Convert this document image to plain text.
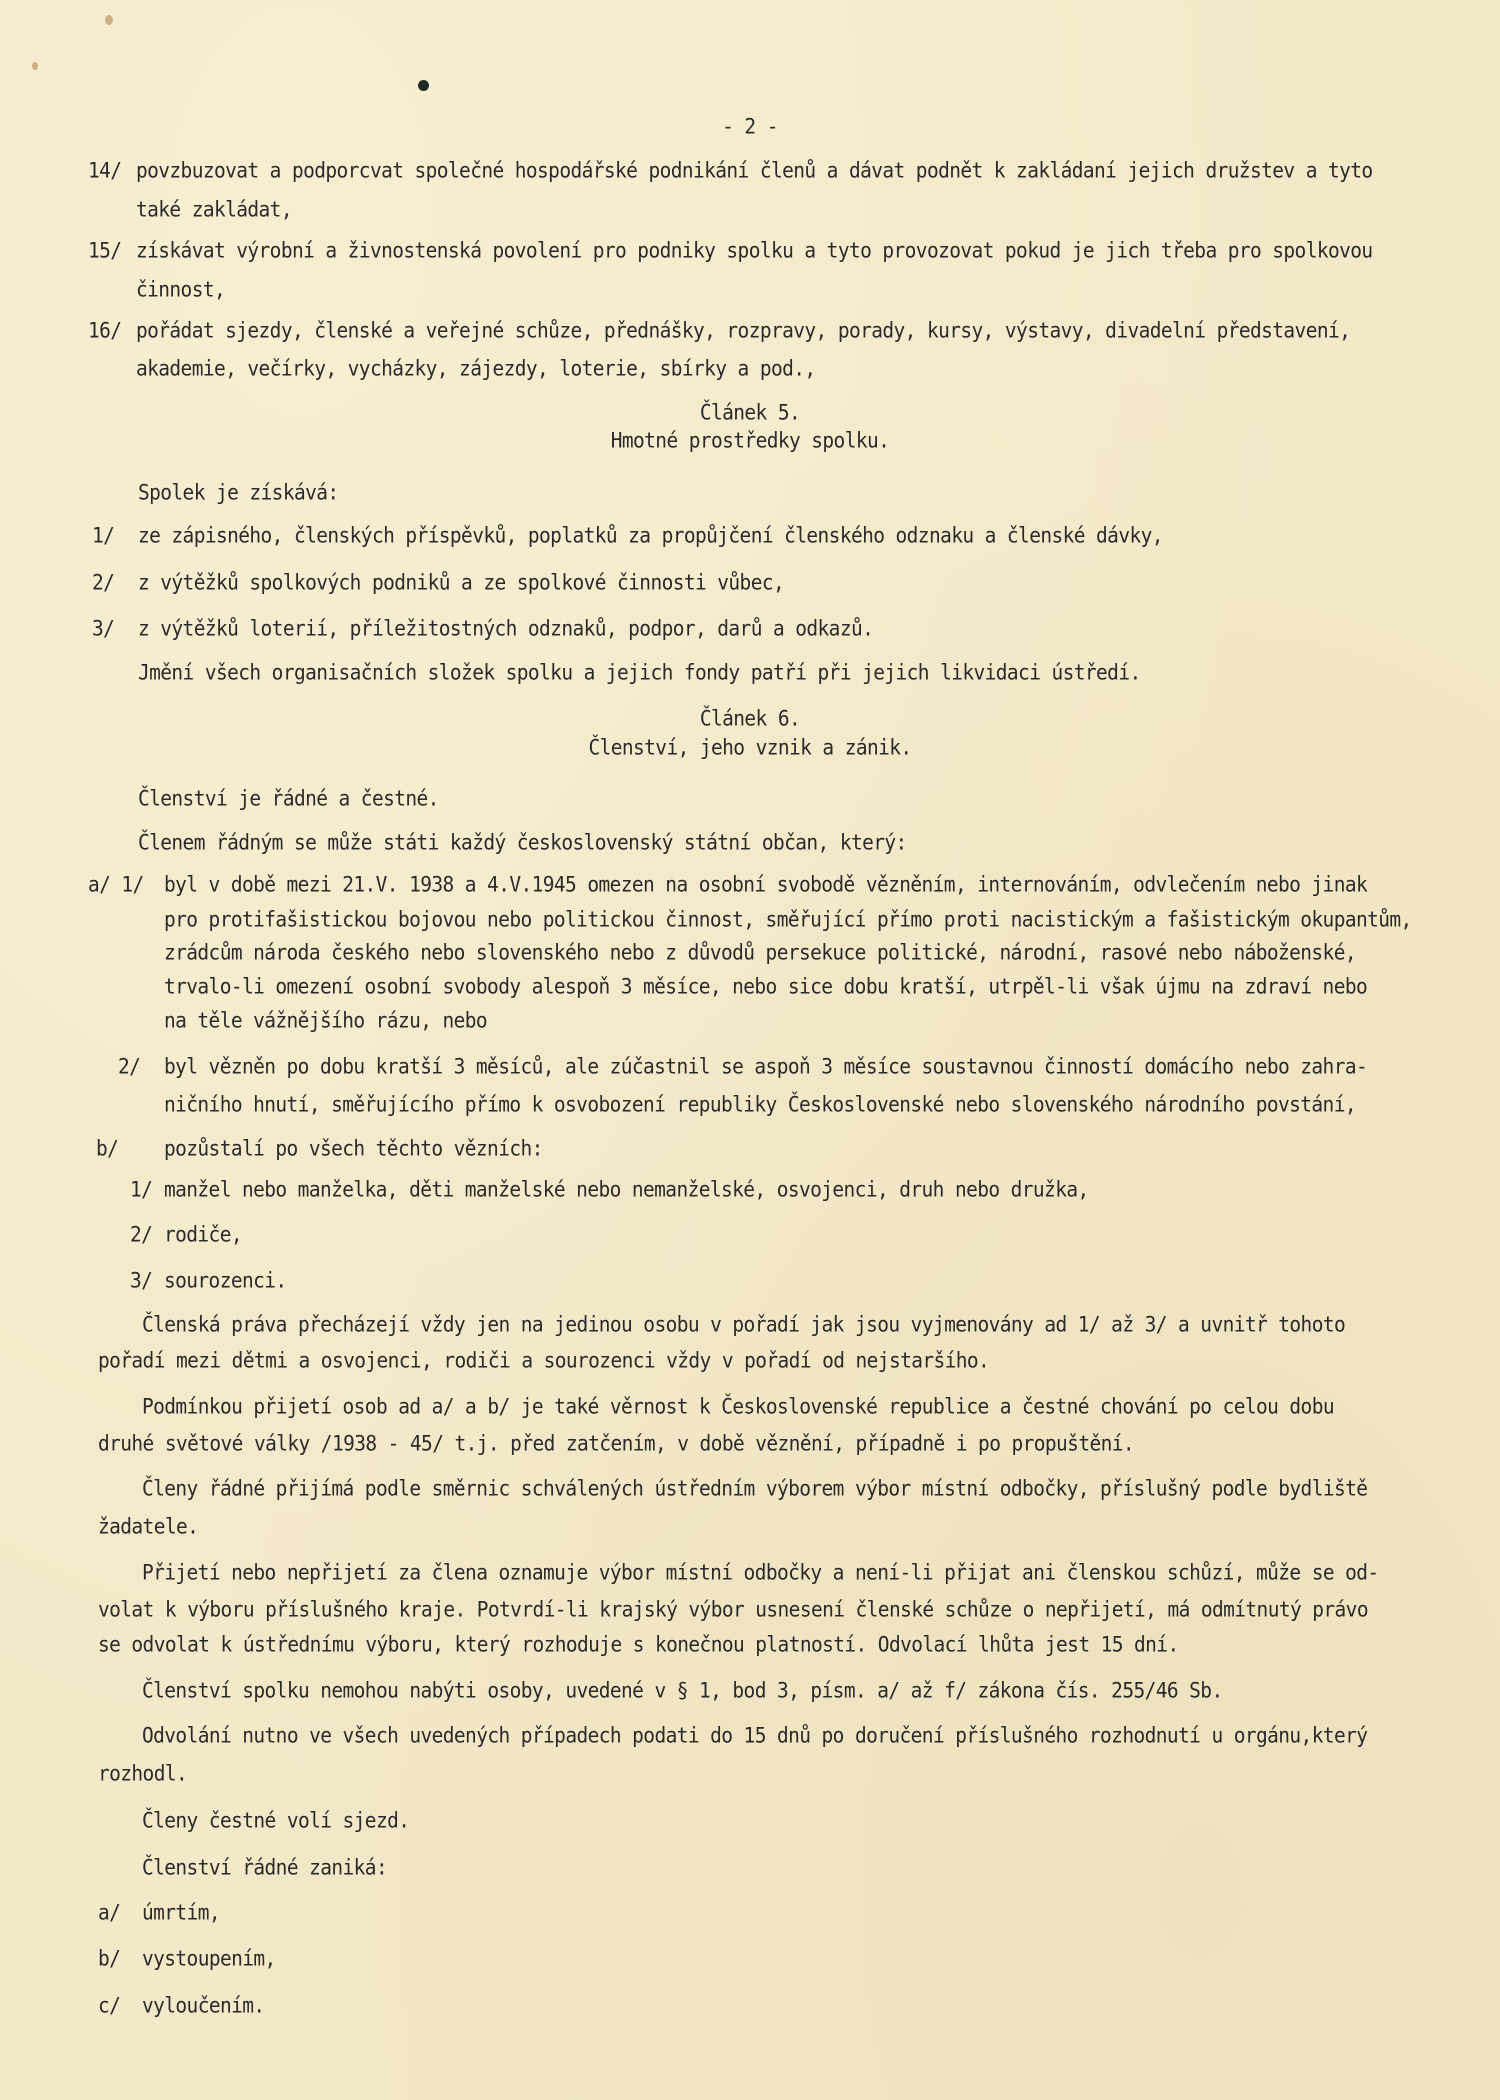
- 2 -
14/ povzbuzovat a podporcvat společné hospodářské podnikání členů a dávat podnět k zakládaní jejich družstev a tyto
také zakládat,
15/ získávat výrobní a živnostenská povolení pro podniky spolku a tyto provozovat pokud je jich třeba pro spolkovou
činnost,
16/ pořádat sjezdy, členské a veřejné schůze, přednášky, rozpravy, porady, kursy, výstavy, divadelní představení,
akademie, večírky, vycházky, zájezdy, loterie, sbírky a pod.,
Článek 5.
Hmotné prostředky spolku.
Spolek je získává:
1/ ze zápisného, členských příspěvků, poplatků za propůjčení členského odznaku a členské dávky,
2/ z výtěžků spolkových podniků a ze spolkové činnosti vůbec,
3/ z výtěžků loterií, příležitostných odznaků, podpor, darů a odkazů.
Jmění všech organisačních složek spolku a jejich fondy patří při jejich likvidaci ústředí.
Článek 6.
Členství, jeho vznik a zánik.
Členství je řádné a čestné.
Členem řádným se může státi každý československý státní občan, který:
a/ 1/ byl v době mezi 21.V. 1938 a 4.V.1945 omezen na osobní svobodě vězněním, internováním, odvlečením nebo jinak
pro protifašistickou bojovou nebo politickou činnost, směřující přímo proti nacistickým a fašistickým okupantům,
zrádcům národa českého nebo slovenského nebo z důvodů persekuce politické, národní, rasové nebo náboženské,
trvalo-li omezení osobní svobody alespoň 3 měsíce, nebo sice dobu kratší, utrpěl-li však újmu na zdraví nebo
na těle vážnějšího rázu, nebo
2/ byl vězněn po dobu kratší 3 měsíců, ale zúčastnil se aspoň 3 měsíce soustavnou činností domácího nebo zahra-
ničního hnutí, směřujícího přímo k osvobození republiky Československé nebo slovenského národního povstání,
b/ pozůstalí po všech těchto vězních:
1/ manžel nebo manželka, děti manželské nebo nemanželské, osvojenci, druh nebo družka,
2/ rodiče,
3/ sourozenci.
Členská práva přecházejí vždy jen na jedinou osobu v pořadí jak jsou vyjmenovány ad 1/ až 3/ a uvnitř tohoto
pořadí mezi dětmi a osvojenci, rodiči a sourozenci vždy v pořadí od nejstaršího.
Podmínkou přijetí osob ad a/ a b/ je také věrnost k Československé republice a čestné chování po celou dobu
druhé světové války /1938 - 45/ t.j. před zatčením, v době věznění, případně i po propuštění.
Členy řádné přijímá podle směrnic schválených ústředním výborem výbor místní odbočky, příslušný podle bydliště
žadatele.
Přijetí nebo nepřijetí za člena oznamuje výbor místní odbočky a není-li přijat ani členskou schůzí, může se od-
volat k výboru příslušného kraje. Potvrdí-li krajský výbor usnesení členské schůze o nepřijetí, má odmítnutý právo
se odvolat k ústřednímu výboru, který rozhoduje s konečnou platností. Odvolací lhůta jest 15 dní.
Členství spolku nemohou nabýti osoby, uvedené v § 1, bod 3, písm. a/ až f/ zákona čís. 255/46 Sb.
Odvolání nutno ve všech uvedených případech podati do 15 dnů po doručení příslušného rozhodnutí u orgánu,který
rozhodl.
Členy čestné volí sjezd.
Členství řádné zaniká:
a/ úmrtím,
b/ vystoupením,
c/ vyloučením.
